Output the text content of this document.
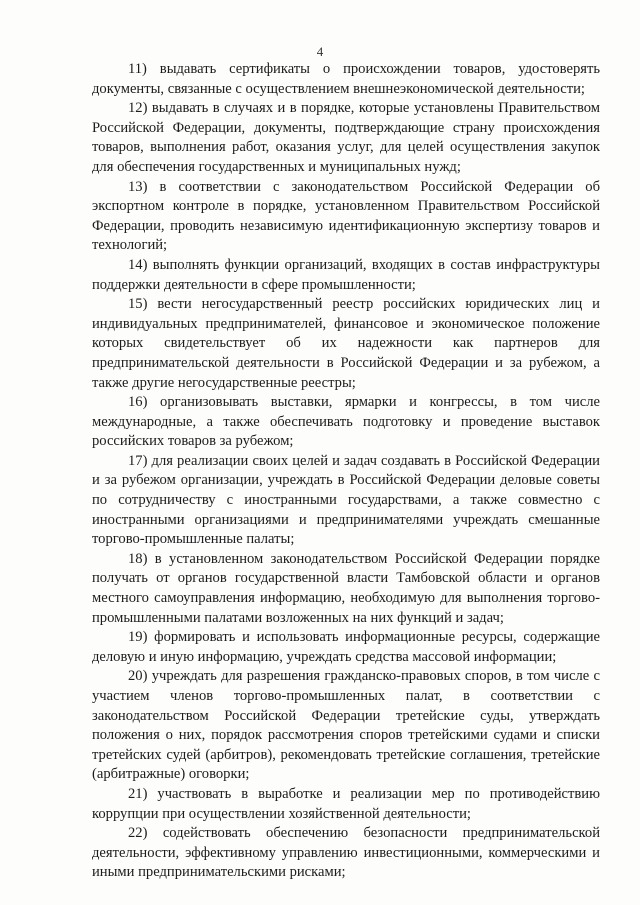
4

11) выдавать сертификаты о происхождении товаров, удостоверять документы, связанные с осуществлением внешнеэкономической деятельности;

12) выдавать в случаях и в порядке, которые установлены Правительством Российской Федерации, документы, подтверждающие страну происхождения товаров, выполнения работ, оказания услуг, для целей осуществления закупок для обеспечения государственных и муниципальных нужд;

13) в соответствии с законодательством Российской Федерации об экспортном контроле в порядке, установленном Правительством Российской Федерации, проводить независимую идентификационную экспертизу товаров и технологий;

14) выполнять функции организаций, входящих в состав инфраструктуры поддержки деятельности в сфере промышленности;

15) вести негосударственный реестр российских юридических лиц и индивидуальных предпринимателей, финансовое и экономическое положение которых свидетельствует об их надежности как партнеров для предпринимательской деятельности в Российской Федерации и за рубежом, а также другие негосударственные реестры;

16) организовывать выставки, ярмарки и конгрессы, в том числе международные, а также обеспечивать подготовку и проведение выставок российских товаров за рубежом;

17) для реализации своих целей и задач создавать в Российской Федерации и за рубежом организации, учреждать в Российской Федерации деловые советы по сотрудничеству с иностранными государствами, а также совместно с иностранными организациями и предпринимателями учреждать смешанные торгово-промышленные палаты;

18) в установленном законодательством Российской Федерации порядке получать от органов государственной власти Тамбовской области и органов местного самоуправления информацию, необходимую для выполнения торгово-промышленными палатами возложенных на них функций и задач;

19) формировать и использовать информационные ресурсы, содержащие деловую и иную информацию, учреждать средства массовой информации;

20) учреждать для разрешения гражданско-правовых споров, в том числе с участием членов торгово-промышленных палат, в соответствии с законодательством Российской Федерации третейские суды, утверждать положения о них, порядок рассмотрения споров третейскими судами и списки третейских судей (арбитров), рекомендовать третейские соглашения, третейские (арбитражные) оговорки;

21) участвовать в выработке и реализации мер по противодействию коррупции при осуществлении хозяйственной деятельности;

22) содействовать обеспечению безопасности предпринимательской деятельности, эффективному управлению инвестиционными, коммерческими и иными предпринимательскими рисками;
